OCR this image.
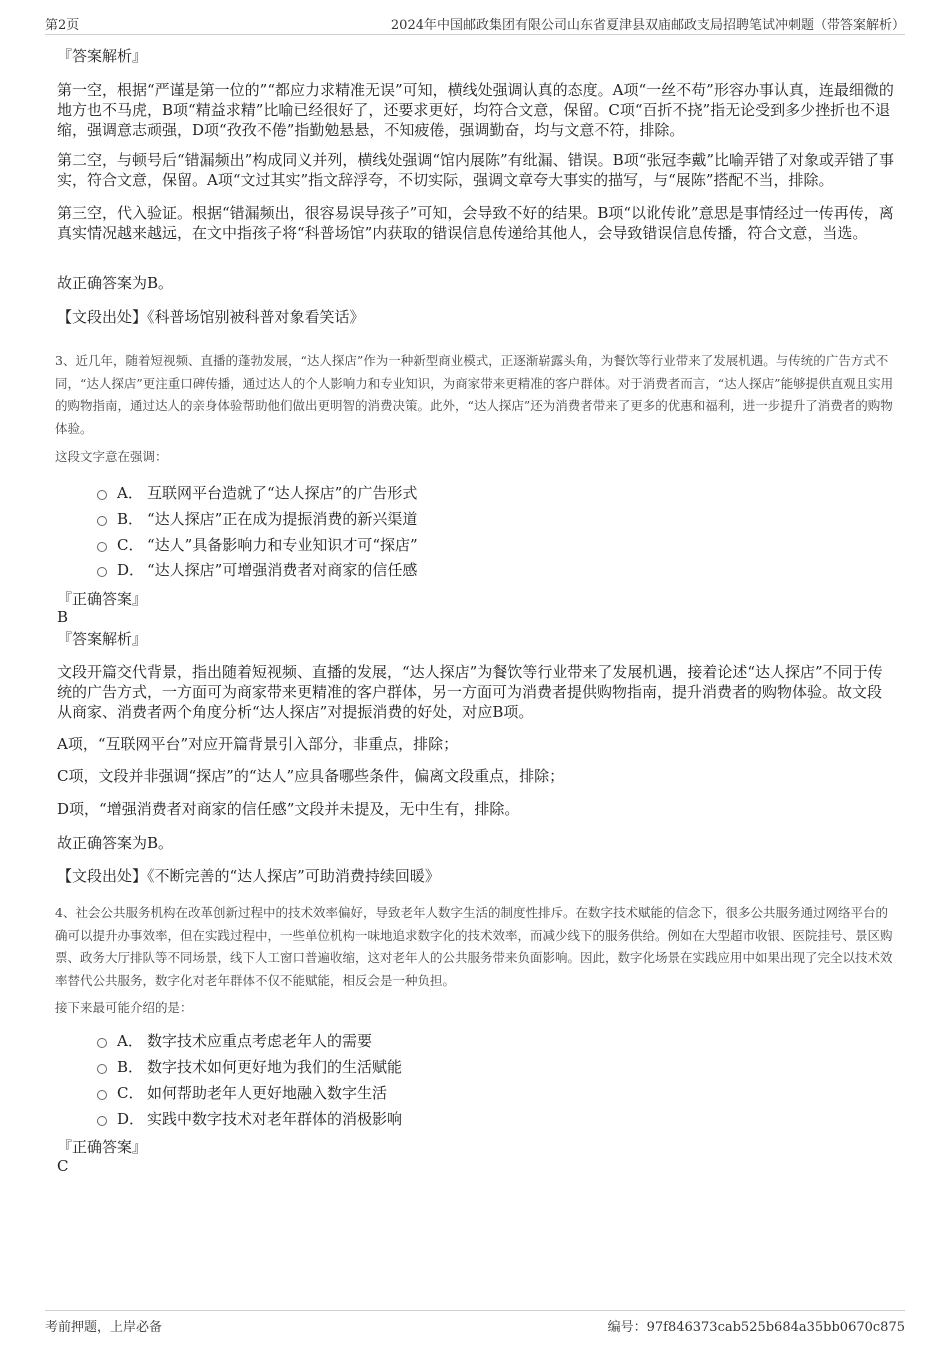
第2页	2024年中国邮政集团有限公司山东省夏津县双庙邮政支局招聘笔试冲刺题（带答案解析）
『答案解析』
第一空，根据“严谨是第一位的”“都应力求精准无误”可知，横线处强调认真的态度。A项“一丝不苟”形容办事认真，连最细微的地方也不马虎，B项“精益求精”比喻已经很好了，还要求更好，均符合文意，保留。C项“百折不挠”指无论受到多少挫折也不退缩，强调意志顽强，D项“孜孜不倦”指勤勉悬悬，不知疲倦，强调勤奋，均与文意不符，排除。
第二空，与顿号后“错漏频出”构成同义并列，横线处强调“馆内展陈”有纰漏、错误。B项“张冠李戴”比喻弄错了对象或弄错了事实，符合文意，保留。A项“文过其实”指文辞浮夸，不切实际，强调文章夸大事实的描写，与“展陈”搭配不当，排除。
第三空，代入验证。根据“错漏频出，很容易误导孩子”可知，会导致不好的结果。B项“以讹传讹”意思是事情经过一传再传，离真实情况越来越远，在文中指孩子将“科普场馆”内获取的错误信息传递给其他人，会导致错误信息传播，符合文意，当选。
故正确答案为B。
【文段出处】《科普场馆别被科普对象看笑话》
3、近几年，随着短视频、直播的蓬勃发展，“达人探店”作为一种新型商业模式，正逐渐崭露头角，为餐饮等行业带来了发展机遇。与传统的广告方式不同，“达人探店”更注重口碑传播，通过达人的个人影响力和专业知识，为商家带来更精准的客户群体。对于消费者而言，“达人探店”能够提供直观且实用的购物指南，通过达人的亲身体验帮助他们做出更明智的消费决策。此外，“达人探店”还为消费者带来了更多的优惠和福利，进一步提升了消费者的购物体验。
这段文字意在强调：
A． 互联网平台造就了“达人探店”的广告形式
B． “达人探店”正在成为提振消费的新兴渠道
C． “达人”具备影响力和专业知识才可“探店”
D． “达人探店”可增强消费者对商家的信任感
『正确答案』
B
『答案解析』
文段开篇交代背景，指出随着短视频、直播的发展，“达人探店”为餐饮等行业带来了发展机遇，接着论述“达人探店”不同于传统的广告方式，一方面可为商家带来更精准的客户群体，另一方面可为消费者提供购物指南，提升消费者的购物体验。故文段从商家、消费者两个角度分析“达人探店”对提振消费的好处，对应B项。
A项，“互联网平台”对应开篇背景引入部分，非重点，排除；
C项，文段并非强调“探店”的“达人”应具备哪些条件，偏离文段重点，排除；
D项，“增强消费者对商家的信任感”文段并未提及，无中生有，排除。
故正确答案为B。
【文段出处】《不断完善的“达人探店”可助消费持续回暖》
4、社会公共服务机构在改革创新过程中的技术效率偏好，导致老年人数字生活的制度性排斥。在数字技术赋能的信念下，很多公共服务通过网络平台的确可以提升办事效率，但在实践过程中，一些单位机构一味地追求数字化的技术效率，而减少线下的服务供给。例如在大型超市收银、医院挂号、景区购票、政务大厅排队等不同场景，线下人工窗口普遍收缩，这对老年人的公共服务带来负面影响。因此，数字化场景在实践应用中如果出现了完全以技术效率替代公共服务，数字化对老年群体不仅不能赋能，相反会是一种负担。
接下来最可能介绍的是：
A． 数字技术应重点考虑老年人的需要
B． 数字技术如何更好地为我们的生活赋能
C． 如何帮助老年人更好地融入数字生活
D． 实践中数字技术对老年群体的消极影响
『正确答案』
C
考前押题，上岸必备	编号：97f846373cab525b684a35bb0670c875
